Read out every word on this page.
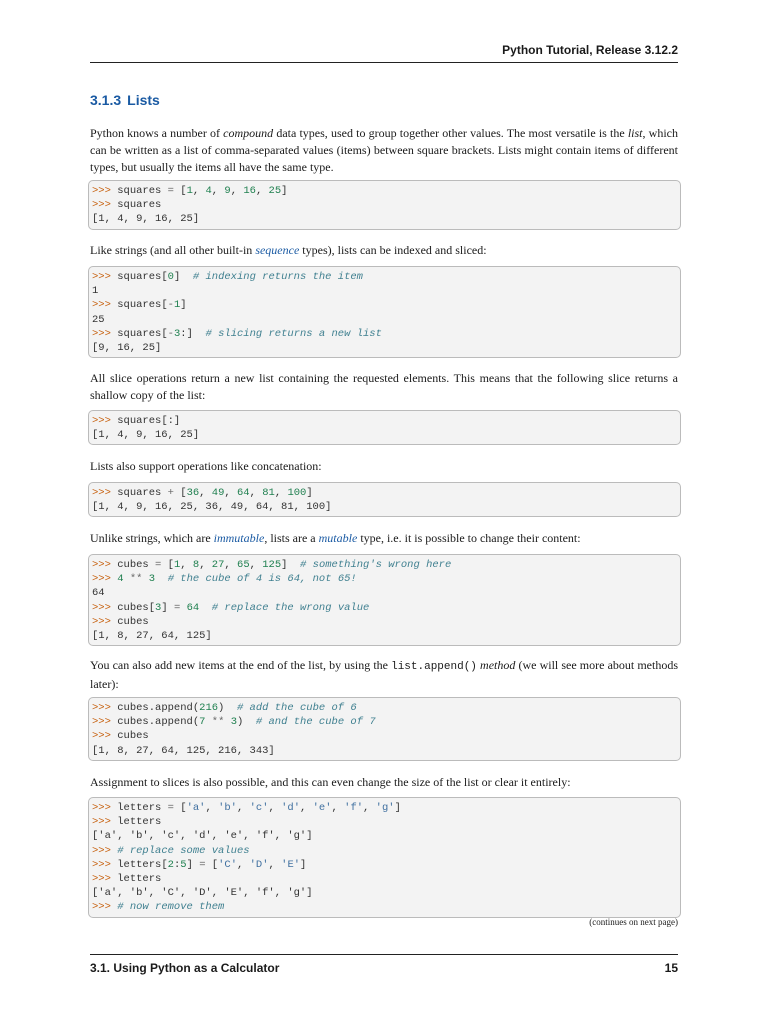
Python Tutorial, Release 3.12.2
3.1.3 Lists
Python knows a number of compound data types, used to group together other values. The most versatile is the list, which can be written as a list of comma-separated values (items) between square brackets. Lists might contain items of different types, but usually the items all have the same type.
>>> squares = [1, 4, 9, 16, 25]
>>> squares
[1, 4, 9, 16, 25]
Like strings (and all other built-in sequence types), lists can be indexed and sliced:
>>> squares[0]  # indexing returns the item
1
>>> squares[-1]
25
>>> squares[-3:]  # slicing returns a new list
[9, 16, 25]
All slice operations return a new list containing the requested elements. This means that the following slice returns a shallow copy of the list:
>>> squares[:]
[1, 4, 9, 16, 25]
Lists also support operations like concatenation:
>>> squares + [36, 49, 64, 81, 100]
[1, 4, 9, 16, 25, 36, 49, 64, 81, 100]
Unlike strings, which are immutable, lists are a mutable type, i.e. it is possible to change their content:
>>> cubes = [1, 8, 27, 65, 125]  # something's wrong here
>>> 4 ** 3 # the cube of 4 is 64, not 65!
64
>>> cubes[3] = 64 # replace the wrong value
>>> cubes
[1, 8, 27, 64, 125]
You can also add new items at the end of the list, by using the list.append() method (we will see more about methods later):
>>> cubes.append(216)  # add the cube of 6
>>> cubes.append(7 ** 3)  # and the cube of 7
>>> cubes
[1, 8, 27, 64, 125, 216, 343]
Assignment to slices is also possible, and this can even change the size of the list or clear it entirely:
>>> letters = ['a', 'b', 'c', 'd', 'e', 'f', 'g']
>>> letters
['a', 'b', 'c', 'd', 'e', 'f', 'g']
>>> # replace some values
>>> letters[2:5] = ['C', 'D', 'E']
>>> letters
['a', 'b', 'C', 'D', 'E', 'f', 'g']
>>> # now remove them
(continues on next page)
3.1. Using Python as a Calculator	15
